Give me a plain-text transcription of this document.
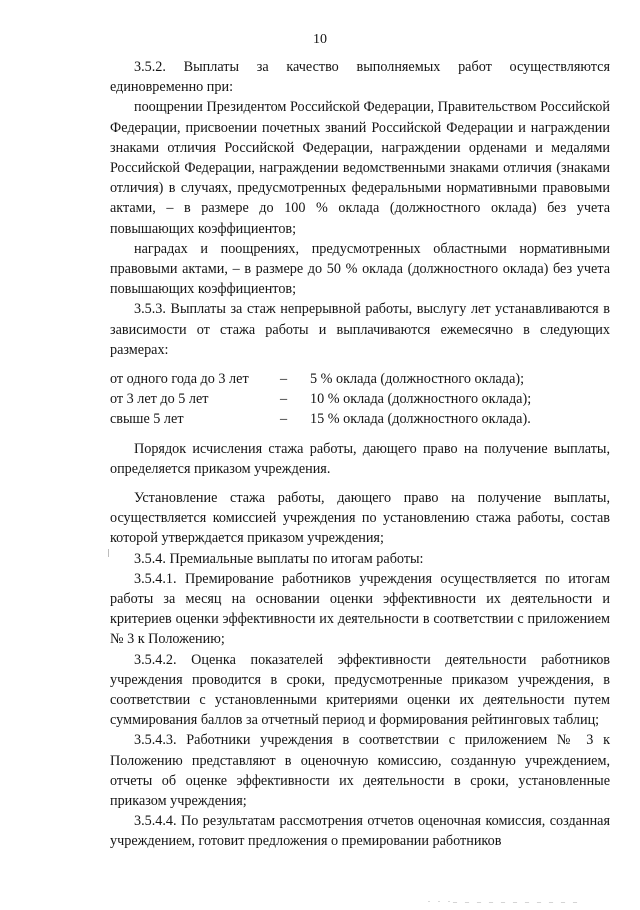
10

3.5.2. Выплаты за качество выполняемых работ осуществляются единовременно при:

поощрении Президентом Российской Федерации, Правительством Российской Федерации, присвоении почетных званий Российской Федерации и награждении знаками отличия Российской Федерации, награждении орденами и медалями Российской Федерации, награждении ведомственными знаками отличия (знаками отличия) в случаях, предусмотренных федеральными нормативными правовыми актами, – в размере до 100 % оклада (должностного оклада) без учета повышающих коэффициентов;

наградах и поощрениях, предусмотренных областными нормативными правовыми актами, – в размере до 50 % оклада (должностного оклада) без учета повышающих коэффициентов;

3.5.3. Выплаты за стаж непрерывной работы, выслугу лет устанавливаются в зависимости от стажа работы и выплачиваются ежемесячно в следующих размерах:

от одного года до 3 лет	–	5 % оклада (должностного оклада);
от 3 лет до 5 лет	–	10 % оклада (должностного оклада);
свыше 5 лет	–	15 % оклада (должностного оклада).

Порядок исчисления стажа работы, дающего право на получение выплаты, определяется приказом учреждения.

Установление стажа работы, дающего право на получение выплаты, осуществляется комиссией учреждения по установлению стажа работы, состав которой утверждается приказом учреждения;

3.5.4. Премиальные выплаты по итогам работы:

3.5.4.1. Премирование работников учреждения осуществляется по итогам работы за месяц на основании оценки эффективности их деятельности и критериев оценки эффективности их деятельности в соответствии с приложением № 3 к Положению;

3.5.4.2. Оценка показателей эффективности деятельности работников учреждения проводится в сроки, предусмотренные приказом учреждения, в соответствии с установленными критериями оценки их деятельности путем суммирования баллов за отчетный период и формирования рейтинговых таблиц;

3.5.4.3. Работники учреждения в соответствии с приложением № 3 к Положению представляют в оценочную комиссию, созданную учреждением, отчеты об оценке эффективности их деятельности в сроки, установленные приказом учреждения;

3.5.4.4. По результатам рассмотрения отчетов оценочная комиссия, созданная учреждением, готовит предложения о премировании работников

. . ._ _ _ _ _ _ _ _ _ _ _
